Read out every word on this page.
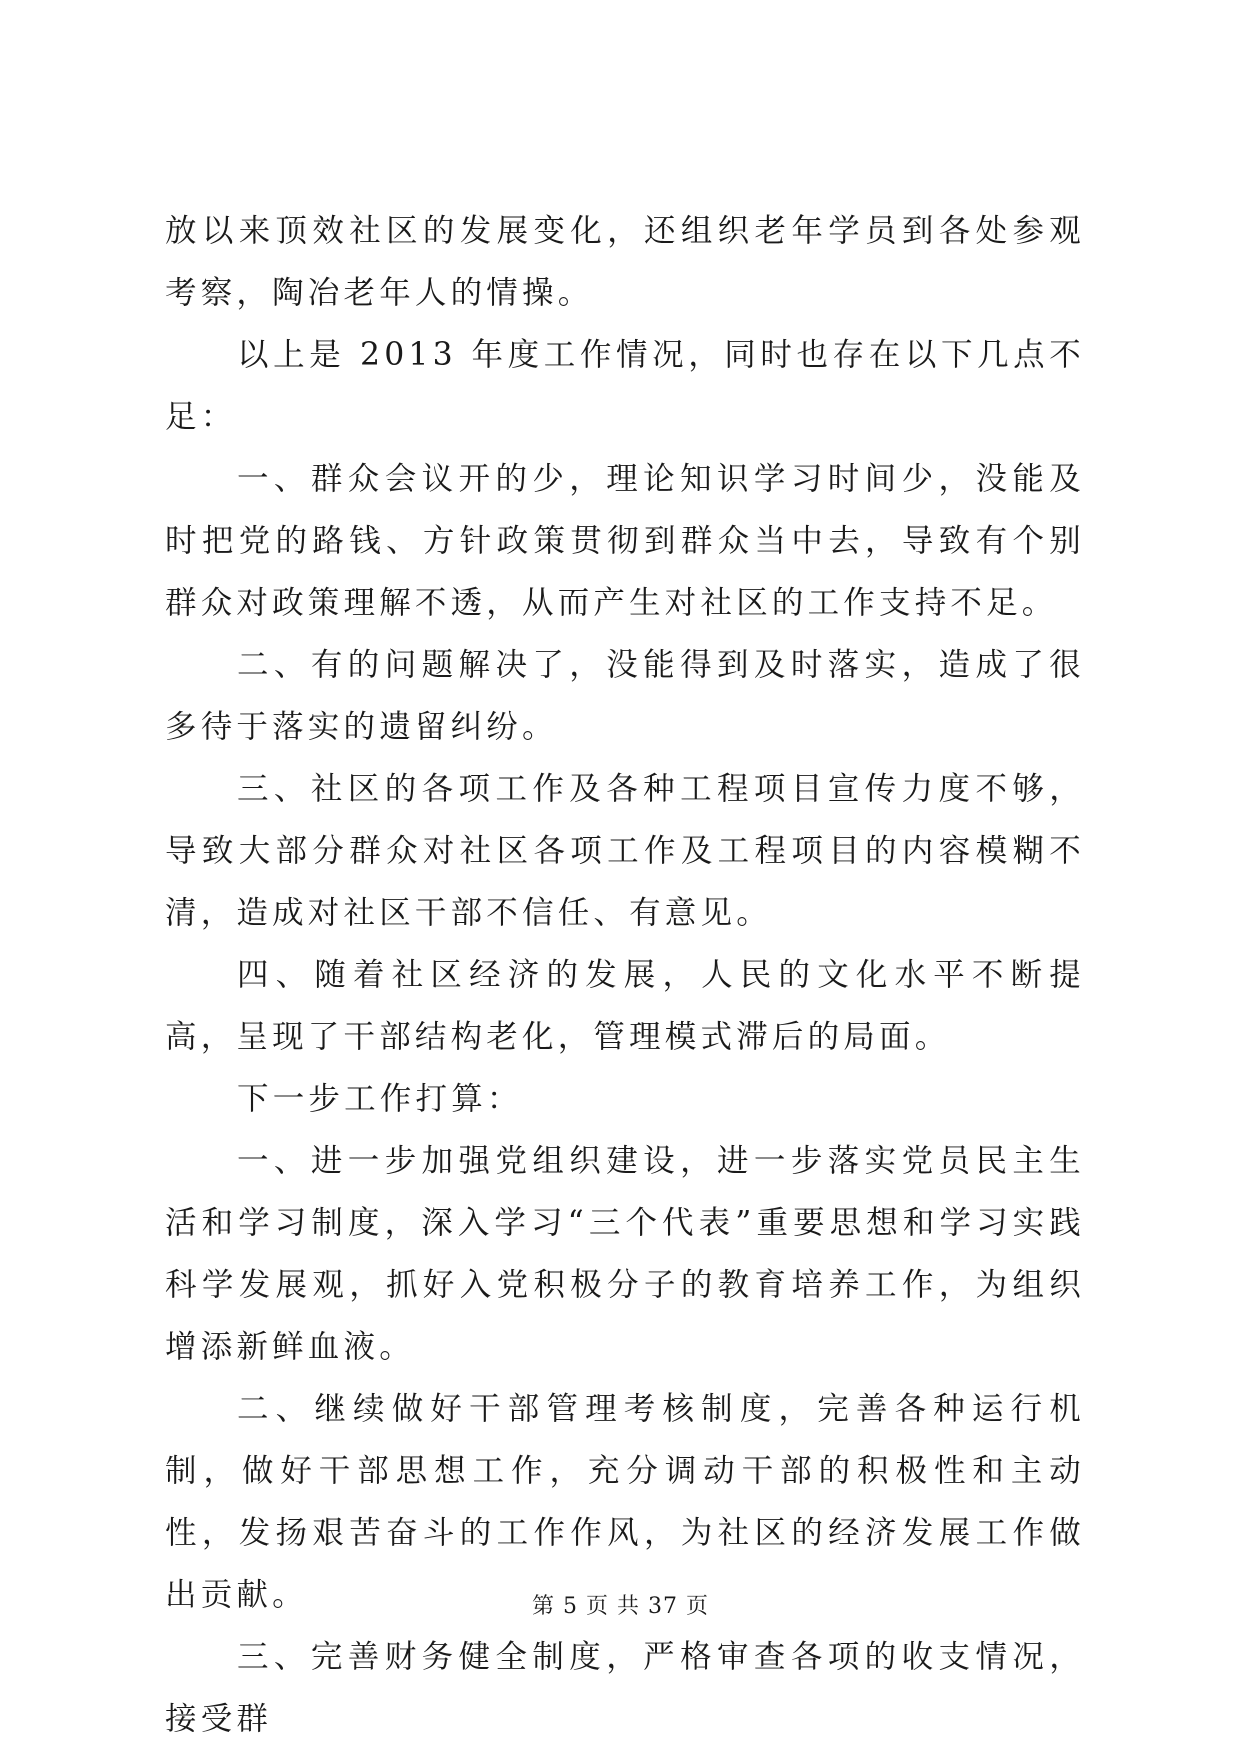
放以来顶效社区的发展变化，还组织老年学员到各处参观考察，陶冶老年人的情操。

以上是 2013 年度工作情况，同时也存在以下几点不足：

一、群众会议开的少，理论知识学习时间少，没能及时把党的路钱、方针政策贯彻到群众当中去，导致有个别群众对政策理解不透，从而产生对社区的工作支持不足。

二、有的问题解决了，没能得到及时落实，造成了很多待于落实的遗留纠纷。

三、社区的各项工作及各种工程项目宣传力度不够，导致大部分群众对社区各项工作及工程项目的内容模糊不清，造成对社区干部不信任、有意见。

四、随着社区经济的发展，人民的文化水平不断提高，呈现了干部结构老化，管理模式滞后的局面。

下一步工作打算：

一、进一步加强党组织建设，进一步落实党员民主生活和学习制度，深入学习“三个代表”重要思想和学习实践科学发展观，抓好入党积极分子的教育培养工作，为组织增添新鲜血液。

二、继续做好干部管理考核制度，完善各种运行机制，做好干部思想工作，充分调动干部的积极性和主动性，发扬艰苦奋斗的工作作风，为社区的经济发展工作做出贡献。

三、完善财务健全制度，严格审查各项的收支情况，接受群

第 5 页 共 37 页
